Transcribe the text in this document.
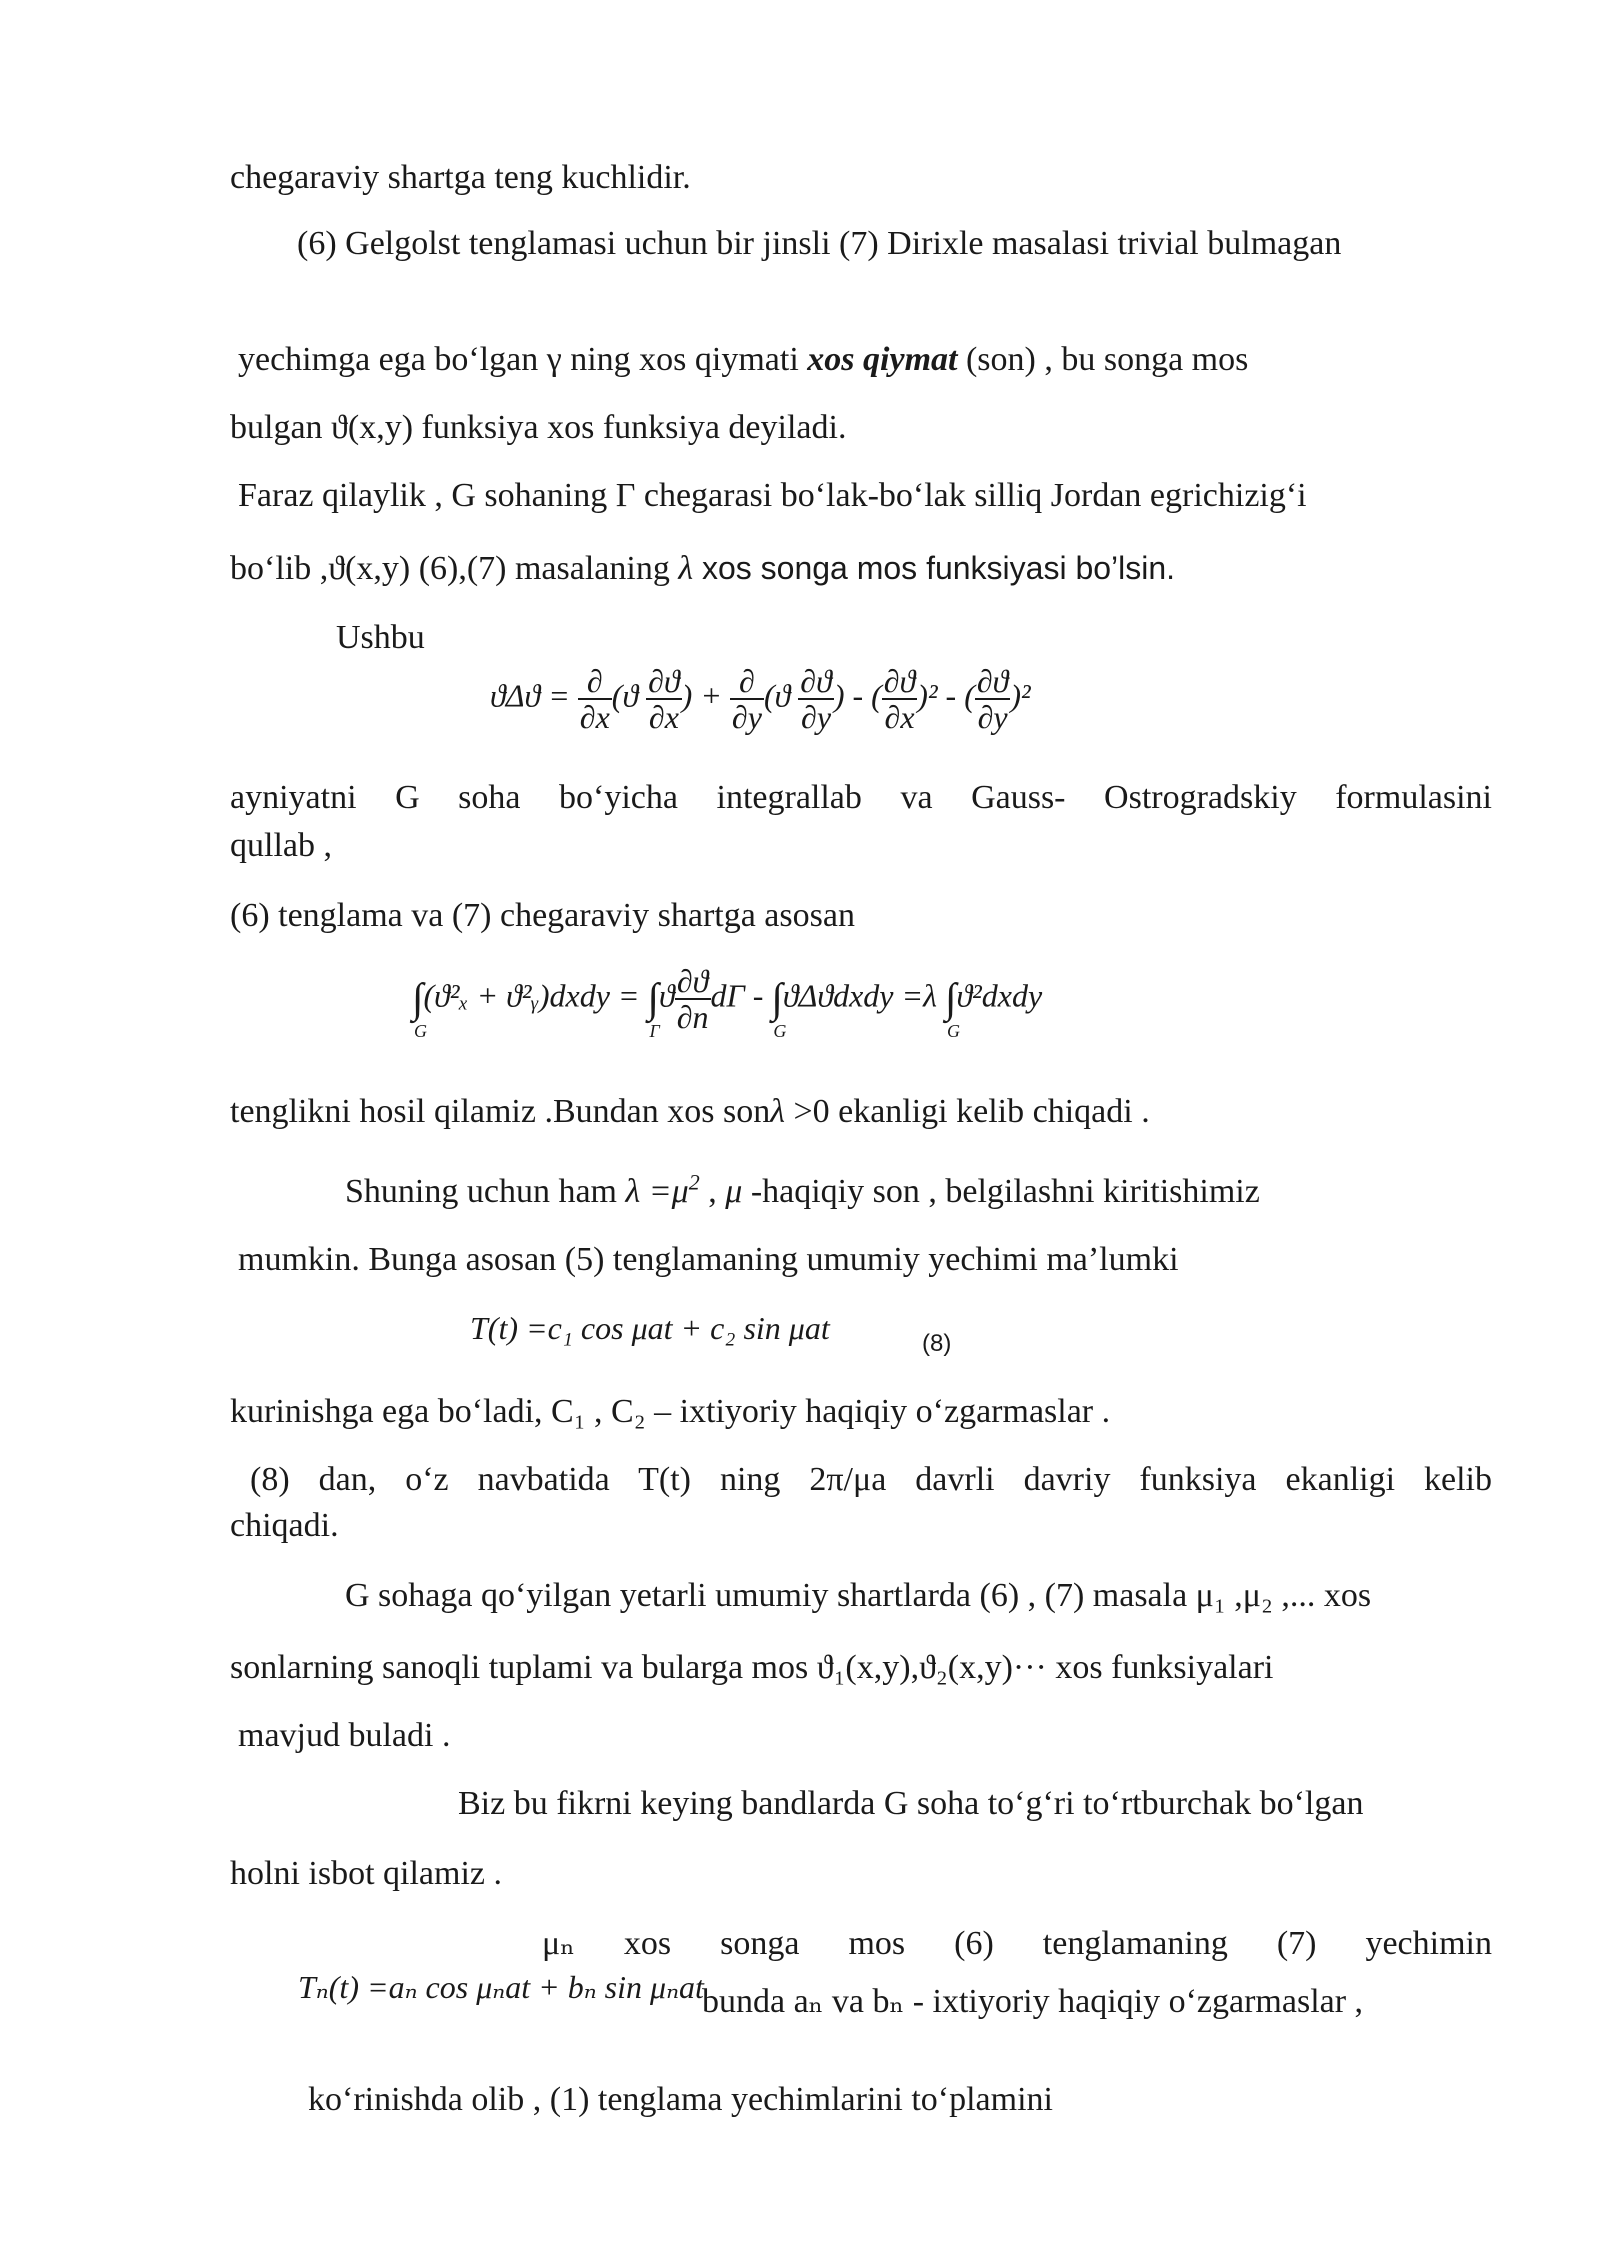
chegaraviy shartga teng kuchlidir.
(6) Gelgolst tenglamasi uchun bir jinsli (7) Dirixle masalasi trivial bulmagan
yechimga ega bo‘lgan γ ning xos qiymati xos qiymat (son) , bu songa mos
bulgan ϑ(x,y) funksiya xos funksiya deyiladi.
Faraz qilaylik , G sohaning Γ chegarasi bo‘lak-bo‘lak silliq Jordan egrichizig‘i
bo‘lib ,ϑ(x,y) (6),(7) masalaning λ xos songa mos funksiyasi bo’lsin.
Ushbu
$ϑ\Delta ϑ = \frac{\partial}{\partial x} (ϑ \frac{\partial ϑ}{\partial x}$ ) + $\frac{\partial}{\partial y} (ϑ \frac{\partial ϑ}{\partial y}$ ) - ( $\frac{\partial ϑ}{\partial x} )^2$ - ( $\frac{\partial ϑ}{\partial y} )^2$
ayniyatni G soha bo‘yicha integrallab va Gauss- Ostrogradskiy formulasini
qullab ,
(6) tenglama va (7) chegaraviy shartga asosan
∫
G
(ϑ²ₓ + ϑ²ᵧ)dxdy = ∫
Γ
ϑ $\frac{\partial ϑ}{\partial n}$ dΓ - ∫
G
ϑΔϑdxdy =λ ∫
G
ϑ²dxdy
tenglikni hosil qilamiz .Bundan xos sonλ >0 ekanligi kelib chiqadi .
Shuning uchun ham $\lambda =\mu^2$ , μ -haqiqiy son , belgilashni kiritishimiz
mumkin. Bunga asosan (5) tenglamaning umumiy yechimi ma’lumki
T(t) =c₁ cos μat + c₂ sin μat	(8)
kurinishga ega bo‘ladi, C₁ , C₂ – ixtiyoriy haqiqiy o‘zgarmaslar .
(8) dan, o‘z navbatida T(t) ning 2π/μa davrli davriy funksiya ekanligi kelib
chiqadi.
G sohaga qo‘yilgan yetarli umumiy shartlarda (6) , (7) masala μ₁ ,μ₂ ,... xos
sonlarning sanoqli tuplami va bularga mos ϑ₁(x,y),ϑ₂(x,y)··· xos funksiyalari
mavjud buladi .
Biz bu fikrni keying bandlarda G soha to‘g‘ri to‘rtburchak bo‘lgan
holni isbot qilamiz .
μₙ xos songa mos (6) tenglamaning (7) yechimin
Tₙ(t) =aₙ cos μₙat + bₙ sin μₙat
bunda aₙ va bₙ - ixtiyoriy haqiqiy o‘zgarmaslar ,
ko‘rinishda olib , (1) tenglama yechimlarini to‘plamini
